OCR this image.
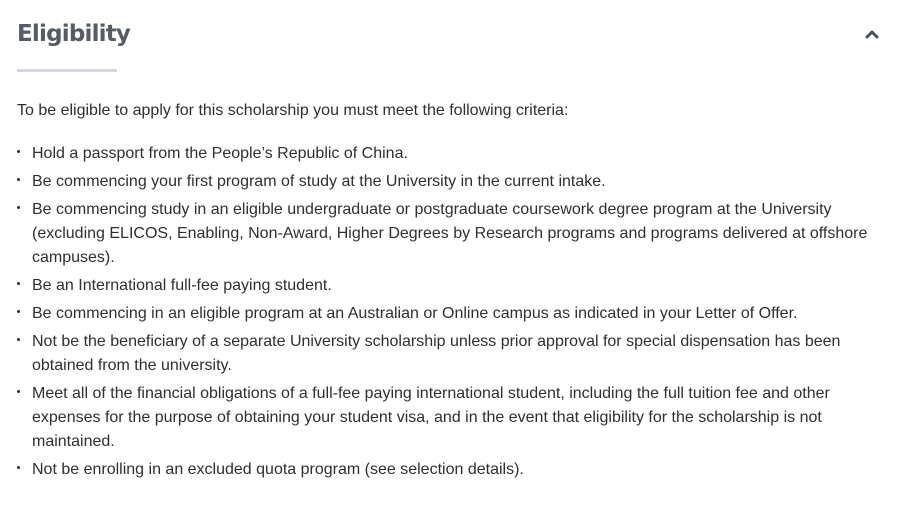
Eligibility

To be eligible to apply for this scholarship you must meet the following criteria:

Hold a passport from the People’s Republic of China.
Be commencing your first program of study at the University in the current intake.
Be commencing study in an eligible undergraduate or postgraduate coursework degree program at the University (excluding ELICOS, Enabling, Non-Award, Higher Degrees by Research programs and programs delivered at offshore campuses).
Be an International full-fee paying student.
Be commencing in an eligible program at an Australian or Online campus as indicated in your Letter of Offer.
Not be the beneficiary of a separate University scholarship unless prior approval for special dispensation has been obtained from the university.
Meet all of the financial obligations of a full-fee paying international student, including the full tuition fee and other expenses for the purpose of obtaining your student visa, and in the event that eligibility for the scholarship is not maintained.
Not be enrolling in an excluded quota program (see selection details).
